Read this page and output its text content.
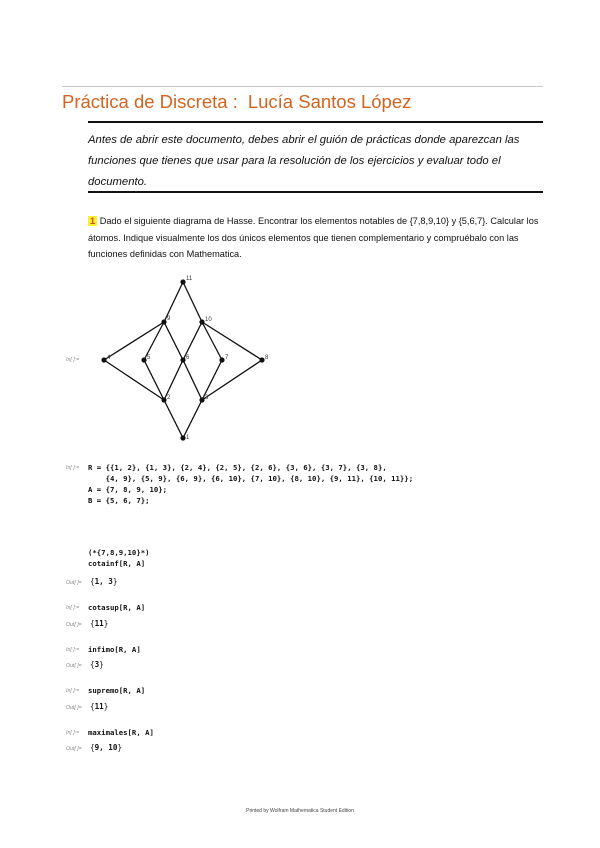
Práctica de Discreta : Lucía Santos López
Antes de abrir este documento, debes abrir el guión de prácticas donde aparezcan las funciones que tienes que usar para la resolución de los ejercicios y evaluar todo el documento.
1 Dado el siguiente diagrama de Hasse. Encontrar los elementos notables de {7,8,9,10} y {5,6,7}. Calcular los átomos. Indique visualmente los dos únicos elementos que tienen complementario y compruébalo con las funciones definidas con Mathematica.
In[ ]:=
11
9	10
4	5	6	7	8
2	3
1
In[ ]:= R = {{1, 2}, {1, 3}, {2, 4}, {2, 5}, {2, 6}, {3, 6}, {3, 7}, {3, 8},
{4, 9}, {5, 9}, {6, 9}, {6, 10}, {7, 10}, {8, 10}, {9, 11}, {10, 11}};
A = {7, 8, 9, 10};
B = {5, 6, 7};
(*{7,8,9,10}*)
cotainf[R, A]
Out[ ]= {1, 3}
In[ ]:= cotasup[R, A]
Out[ ]= {11}
In[ ]:= infimo[R, A]
Out[ ]= {3}
In[ ]:= supremo[R, A]
Out[ ]= {11}
In[ ]:= maximales[R, A]
Out[ ]= {9, 10}
Printed by Wolfram Mathematica Student Edition
